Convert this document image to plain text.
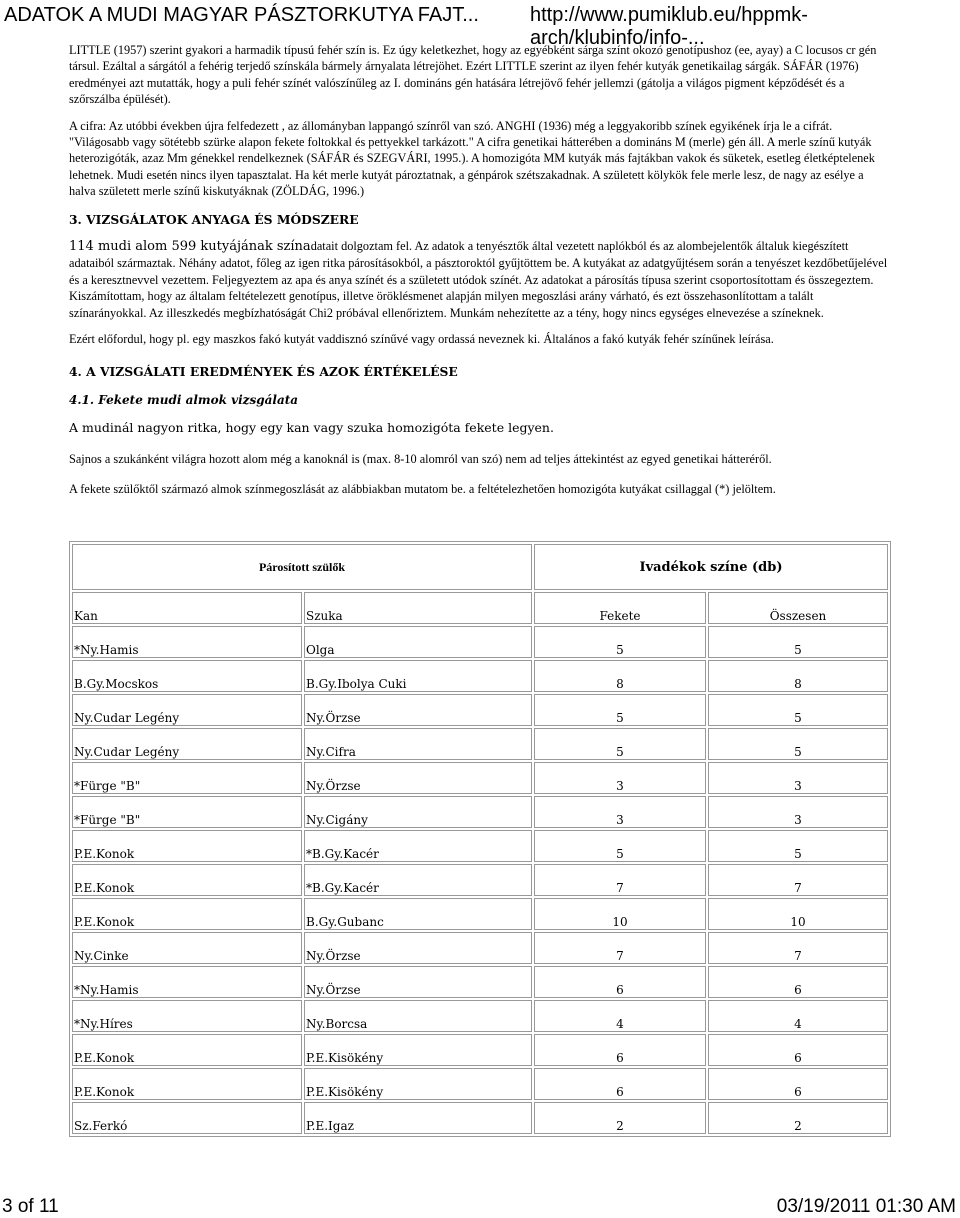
ADATOK A MUDI MAGYAR PÁSZTORKUTYA FAJT...	http://www.pumiklub.eu/hppmk-arch/klubinfo/info-...

LITTLE (1957) szerint gyakori a harmadik típusú fehér szín is. Ez úgy keletkezhet, hogy az egyébként sárga színt okozó genotípushoz (ee, ayay) a C locusos cr gén társul. Ezáltal a sárgától a fehérig terjedő színskála bármely árnyalata létrejöhet. Ezért LITTLE szerint az ilyen fehér kutyák genetikailag sárgák. SÁFÁR (1976) eredményei azt mutatták, hogy a puli fehér színét valószínűleg az I. domináns gén hatására létrejövő fehér jellemzi (gátolja a világos pigment képződését és a szőrszálba épülését).

A cifra: Az utóbbi években újra felfedezett , az állományban lappangó színről van szó. ANGHI (1936) még a leggyakoribb színek egyikének írja le a cifrát. "Világosabb vagy sötétebb szürke alapon fekete foltokkal és pettyekkel tarkázott." A cifra genetikai hátterében a domináns M (merle) gén áll. A merle színű kutyák heterozigóták, azaz Mm génekkel rendelkeznek (SÁFÁR és SZEGVÁRI, 1995.). A homozigóta MM kutyák más fajtákban vakok és süketek, esetleg életképtelenek lehetnek. Mudi esetén nincs ilyen tapasztalat. Ha két merle kutyát pároztatnak, a génpárok szétszakadnak. A született kölykök fele merle lesz, de nagy az esélye a halva született merle színű kiskutyáknak (ZÖLDÁG, 1996.)

3. VIZSGÁLATOK ANYAGA ÉS MÓDSZERE

114 mudi alom 599 kutyájának színadatait dolgoztam fel. Az adatok a tenyésztők által vezetett naplókból és az alombejelentők általuk kiegészített adataiból származtak. Néhány adatot, főleg az igen ritka párosításokból, a pásztoroktól gyűjtöttem be. A kutyákat az adatgyűjtésem során a tenyészet kezdőbetűjelével és a keresztnevvel vezettem. Feljegyeztem az apa és anya színét és a született utódok színét. Az adatokat a párosítás típusa szerint csoportosítottam és összegeztem. Kiszámítottam, hogy az általam feltételezett genotípus, illetve öröklésmenet alapján milyen megoszlási arány várható, és ezt összehasonlítottam a talált színarányokkal. Az illeszkedés megbízhatóságát Chi2 próbával ellenőriztem. Munkám nehezítette az a tény, hogy nincs egységes elnevezése a színeknek.

Ezért előfordul, hogy pl. egy maszkos fakó kutyát vaddisznó színűvé vagy ordassá neveznek ki. Általános a fakó kutyák fehér színűnek leírása.

4. A VIZSGÁLATI EREDMÉNYEK ÉS AZOK ÉRTÉKELÉSE

4.1. Fekete mudi almok vizsgálata

A mudinál nagyon ritka, hogy egy kan vagy szuka homozigóta fekete legyen.

Sajnos a szukánként világra hozott alom még a kanoknál is (max. 8-10 alomról van szó) nem ad teljes áttekintést az egyed genetikai hátteréről.

A fekete szülőktől származó almok színmegoszlását az alábbiakban mutatom be. a feltételezhetően homozigóta kutyákat csillaggal (*) jelöltem.

Párosított szülők		Ivadékok színe (db)	
Kan	Szuka	Fekete	Összesen
*Ny.Hamis	Olga	5	5
B.Gy.Mocskos	B.Gy.Ibolya Cuki	8	8
Ny.Cudar Legény	Ny.Örzse	5	5
Ny.Cudar Legény	Ny.Cifra	5	5
*Fürge "B"	Ny.Örzse	3	3
*Fürge "B"	Ny.Cigány	3	3
P.E.Konok	*B.Gy.Kacér	5	5
P.E.Konok	*B.Gy.Kacér	7	7
P.E.Konok	B.Gy.Gubanc	10	10
Ny.Cinke	Ny.Örzse	7	7
*Ny.Hamis	Ny.Örzse	6	6
*Ny.Híres	Ny.Borcsa	4	4
P.E.Konok	P.E.Kisökény	6	6
P.E.Konok	P.E.Kisökény	6	6
Sz.Ferkó	P.E.Igaz	2	2
3 of 11	03/19/2011 01:30 AM
